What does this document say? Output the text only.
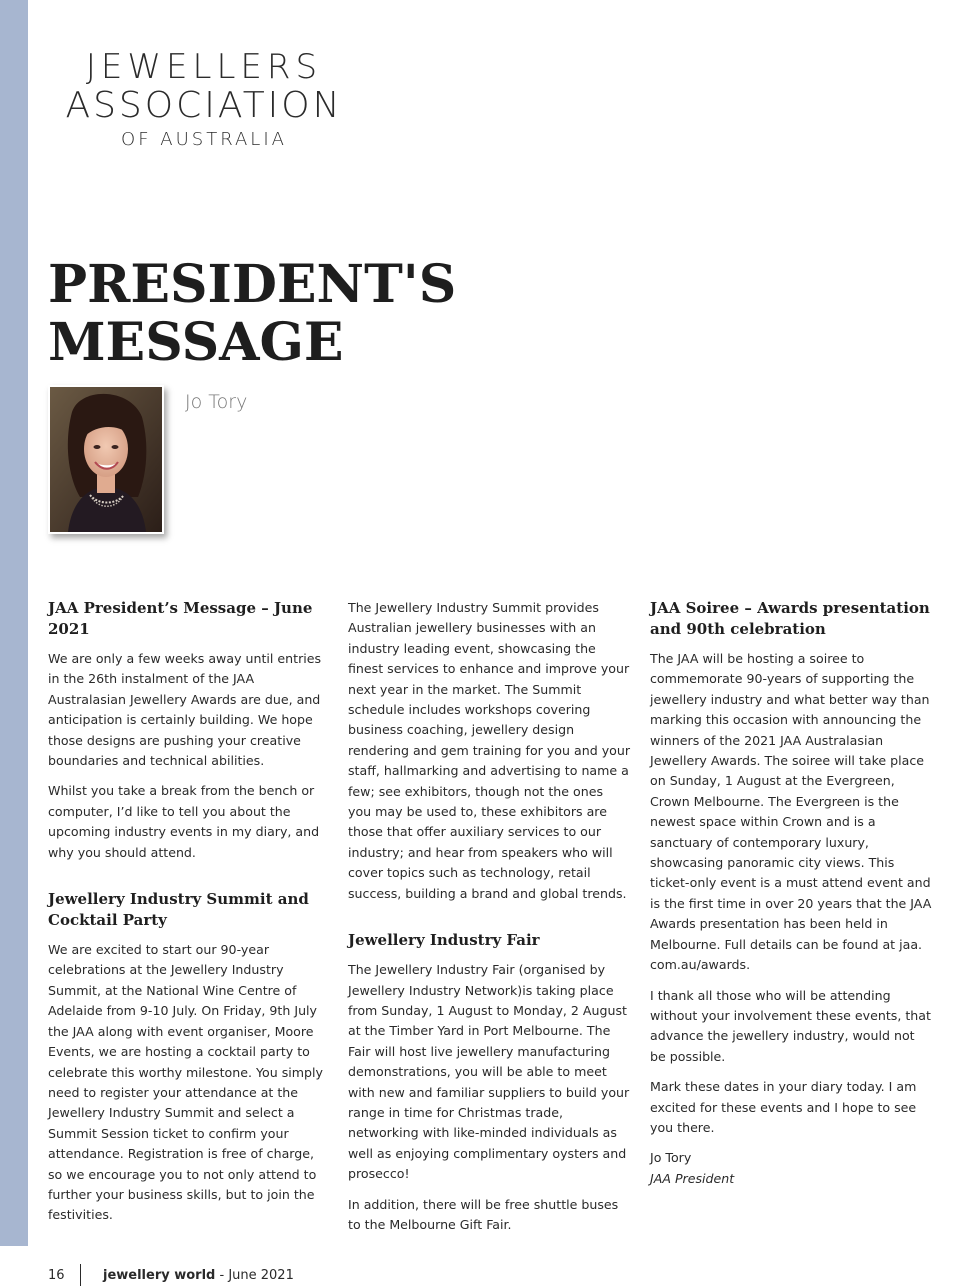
JEWELLERS
ASSOCIATION
OF AUSTRALIA
PRESIDENT'S
MESSAGE
Jo Tory
JAA President’s Message – June 2021

We are only a few weeks away until entries in the 26th instalment of the JAA Australasian Jewellery Awards are due, and anticipation is certainly building. We hope those designs are pushing your creative boundaries and technical abilities.

Whilst you take a break from the bench or computer, I’d like to tell you about the upcoming industry events in my diary, and why you should attend.

Jewellery Industry Summit and Cocktail Party

We are excited to start our 90-year celebrations at the Jewellery Industry Summit, at the National Wine Centre of Adelaide from 9-10 July. On Friday, 9th July the JAA along with event organiser, Moore Events, we are hosting a cocktail party to celebrate this worthy milestone. You simply need to register your attendance at the Jewellery Industry Summit and select a Summit Session ticket to confirm your attendance. Registration is free of charge, so we encourage you to not only attend to further your business skills, but to join the festivities.

The Jewellery Industry Summit provides Australian jewellery businesses with an industry leading event, showcasing the finest services to enhance and improve your next year in the market. The Summit schedule includes workshops covering business coaching, jewellery design rendering and gem training for you and your staff, hallmarking and advertising to name a few; see exhibitors, though not the ones you may be used to, these exhibitors are those that offer auxiliary services to our industry; and hear from speakers who will cover topics such as technology, retail success, building a brand and global trends.

Jewellery Industry Fair

The Jewellery Industry Fair (organised by Jewellery Industry Network)is taking place from Sunday, 1 August to Monday, 2 August at the Timber Yard in Port Melbourne. The Fair will host live jewellery manufacturing demonstrations, you will be able to meet with new and familiar suppliers to build your range in time for Christmas trade, networking with like-minded individuals as well as enjoying complimentary oysters and prosecco!

In addition, there will be free shuttle buses to the Melbourne Gift Fair.

JAA Soiree – Awards presentation and 90th celebration

The JAA will be hosting a soiree to commemorate 90-years of supporting the jewellery industry and what better way than marking this occasion with announcing the winners of the 2021 JAA Australasian Jewellery Awards. The soiree will take place on Sunday, 1 August at the Evergreen, Crown Melbourne. The Evergreen is the newest space within Crown and is a sanctuary of contemporary luxury, showcasing panoramic city views. This ticket-only event is a must attend event and is the first time in over 20 years that the JAA Awards presentation has been held in Melbourne. Full details can be found at jaa. com.au/awards.

I thank all those who will be attending without your involvement these events, that advance the jewellery industry, would not be possible.

Mark these dates in your diary today. I am excited for these events and I hope to see you there.

Jo Tory
JAA President

16	jewellery world - June 2021
